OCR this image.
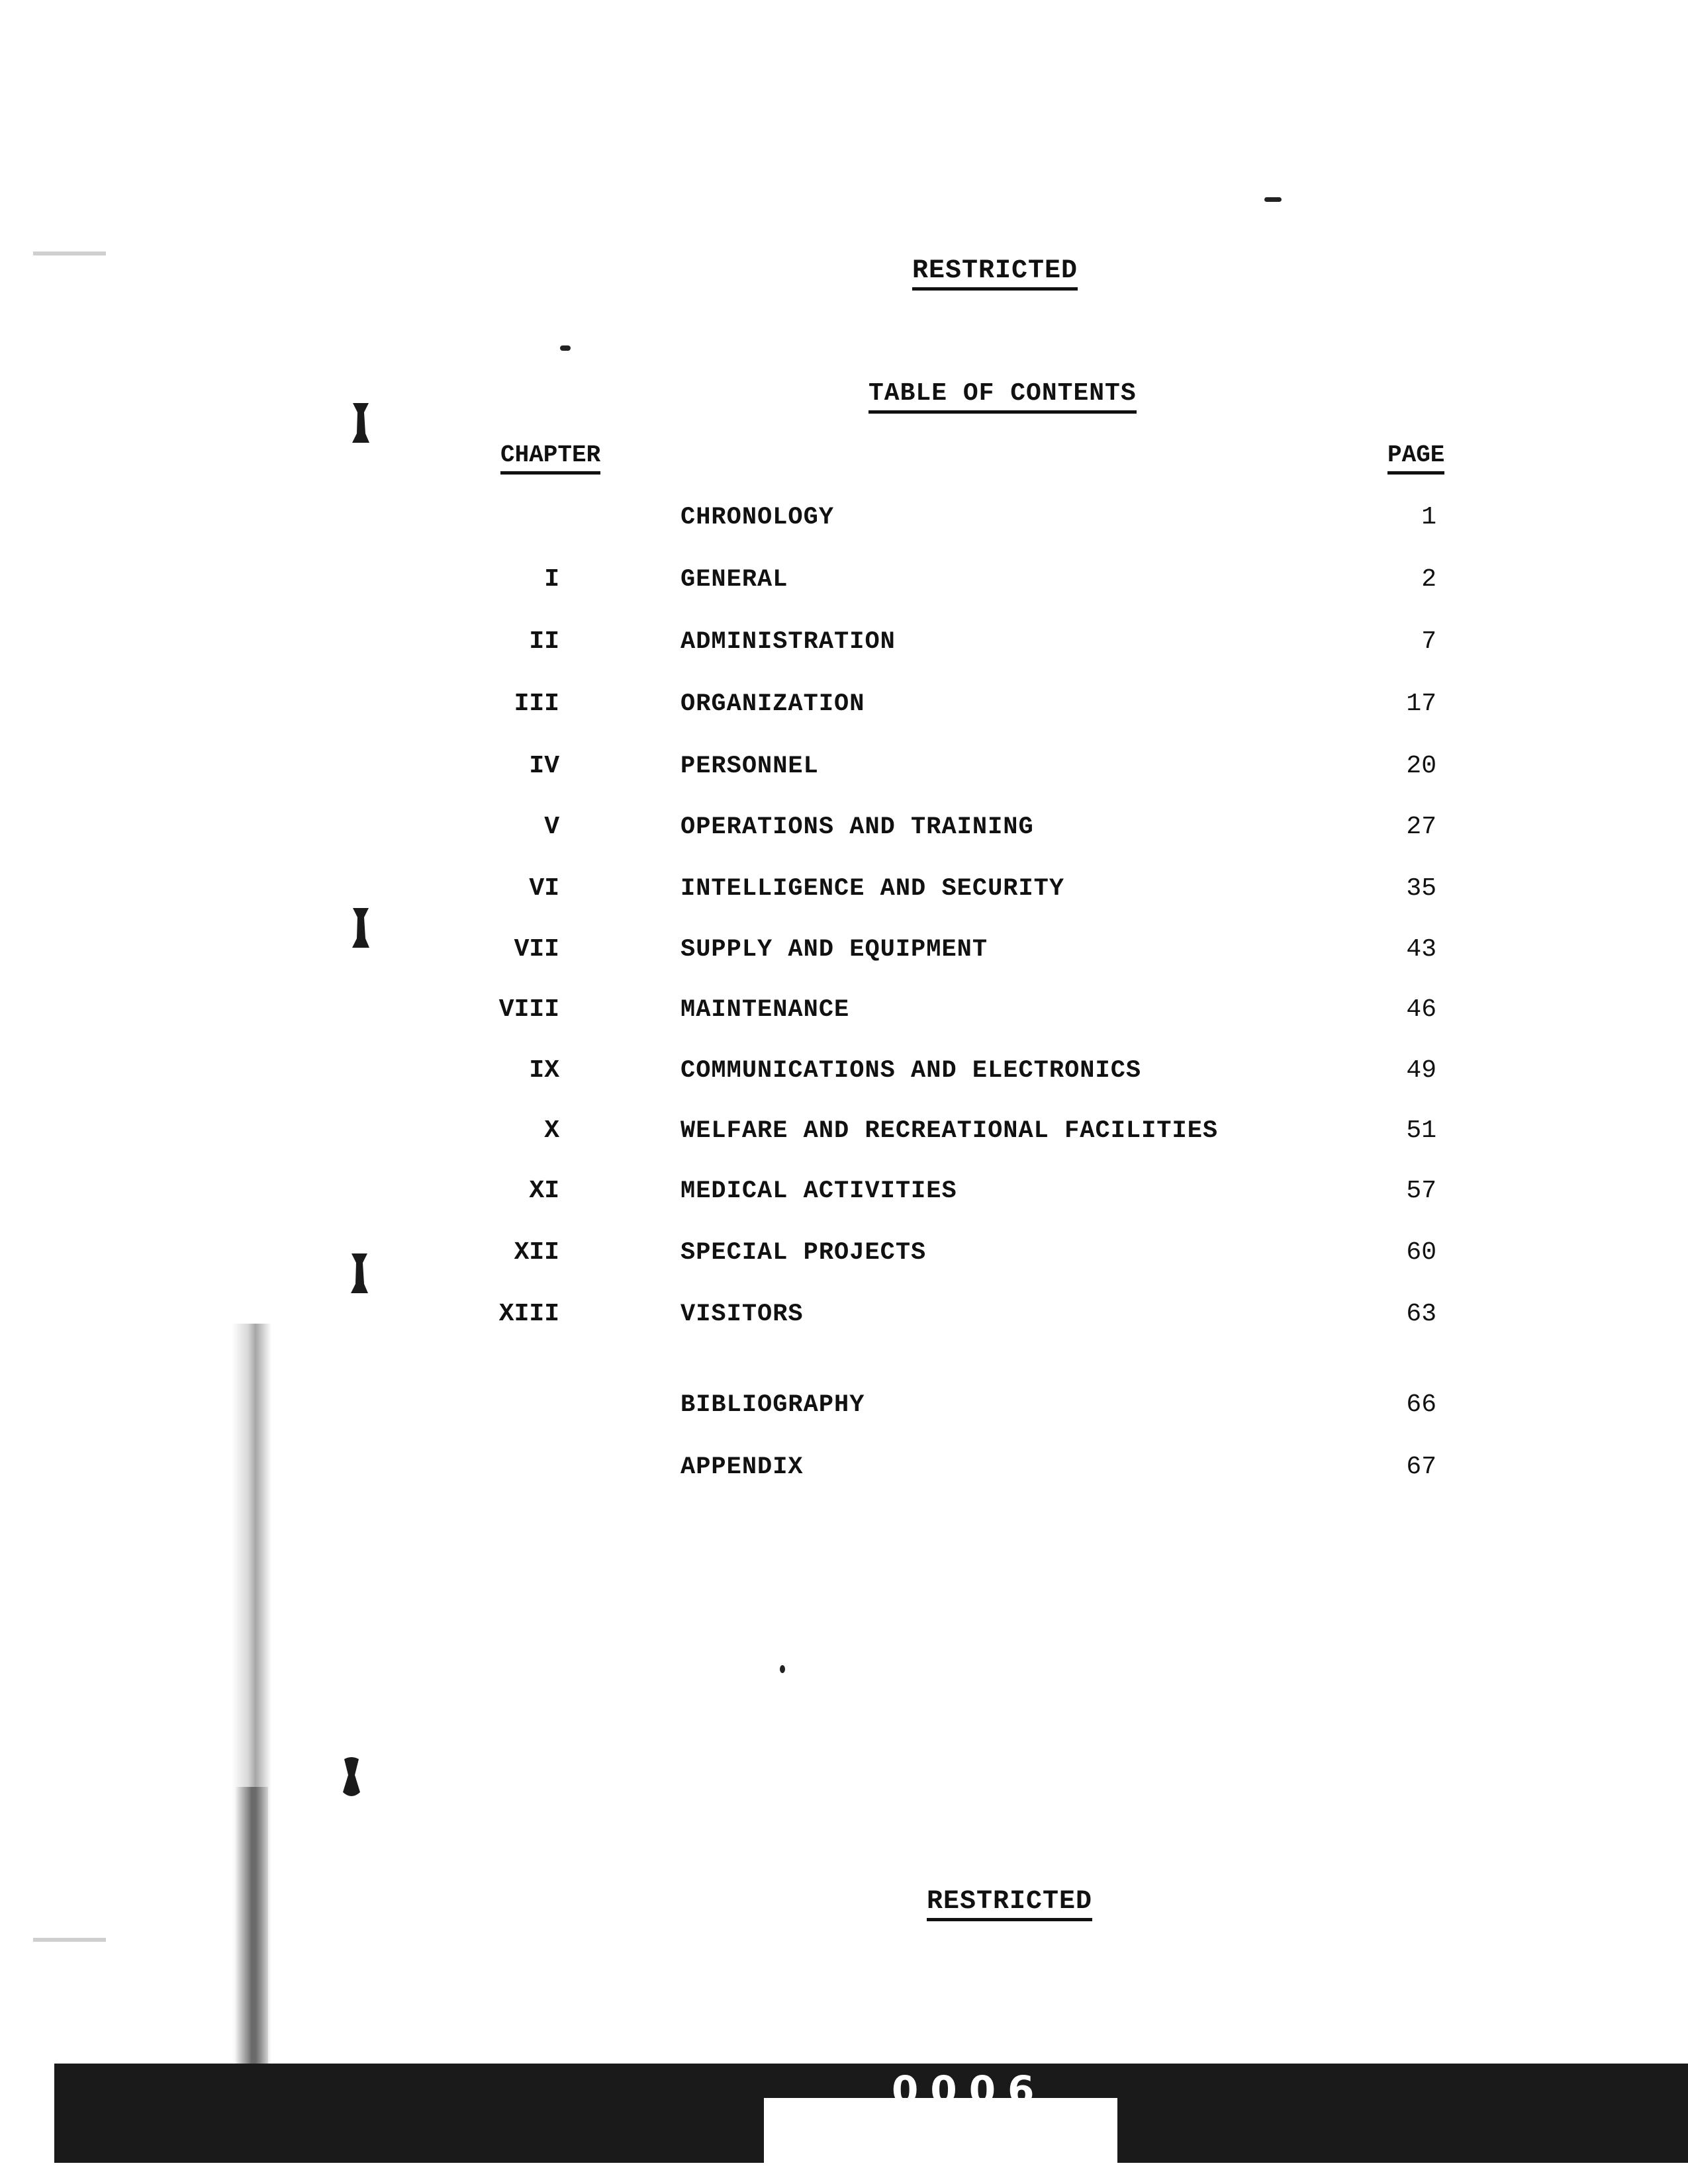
RESTRICTED
TABLE OF CONTENTS
CHAPTER	PAGE
CHRONOLOGY	1
I	GENERAL	2
II	ADMINISTRATION	7
III	ORGANIZATION	17
IV	PERSONNEL	20
V	OPERATIONS AND TRAINING	27
VI	INTELLIGENCE AND SECURITY	35
VII	SUPPLY AND EQUIPMENT	43
VIII	MAINTENANCE	46
IX	COMMUNICATIONS AND ELECTRONICS	49
X	WELFARE AND RECREATIONAL FACILITIES	51
XI	MEDICAL ACTIVITIES	57
XII	SPECIAL PROJECTS	60
XIII	VISITORS	63
BIBLIOGRAPHY	66
APPENDIX	67
RESTRICTED
0006
